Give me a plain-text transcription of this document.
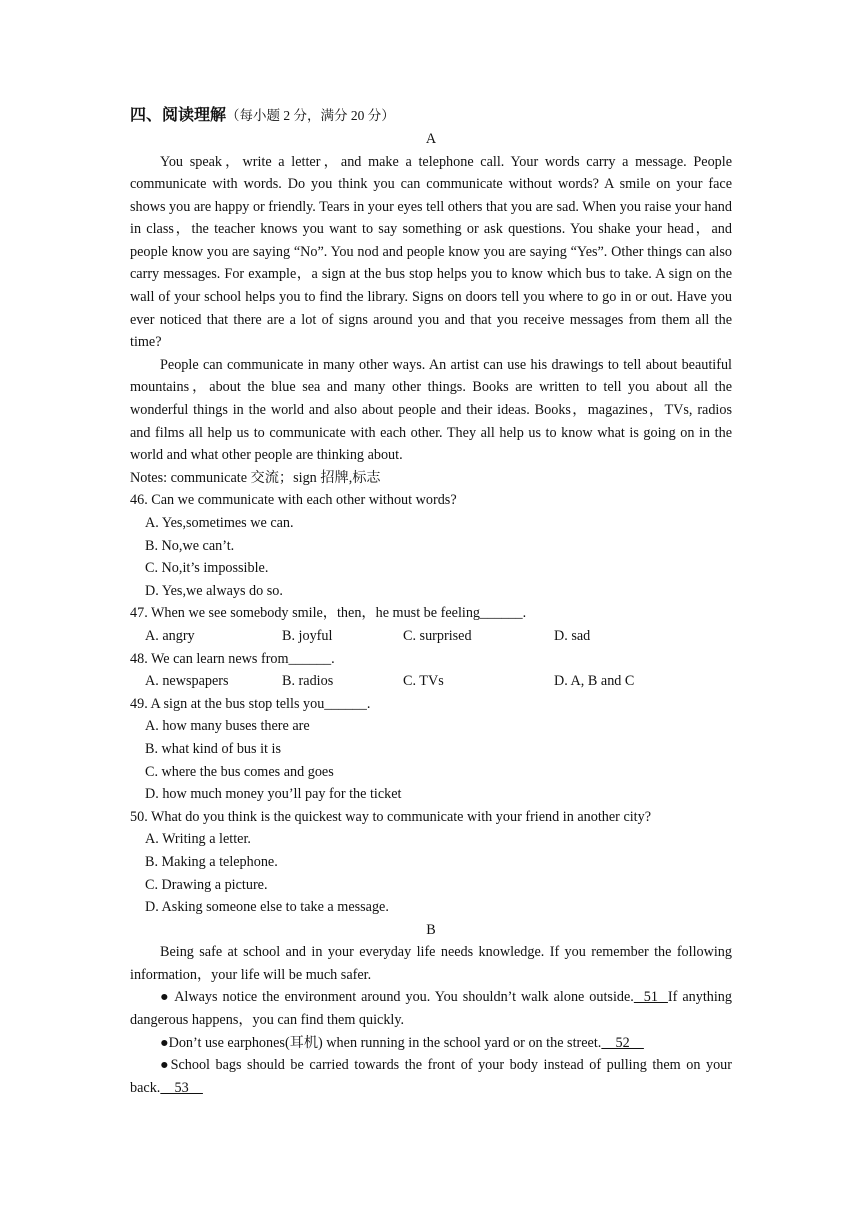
四、阅读理解（每小题 2 分，满分 20 分）
A

You speak，write a letter，and make a telephone call. Your words carry a message. People communicate with words. Do you think you can communicate without words? A smile on your face shows you are happy or friendly. Tears in your eyes tell others that you are sad. When you raise your hand in class，the teacher knows you want to say something or ask questions. You shake your head，and people know you are saying “No”. You nod and people know you are saying “Yes”. Other things can also carry messages. For example，a sign at the bus stop helps you to know which bus to take. A sign on the wall of your school helps you to find the library. Signs on doors tell you where to go in or out. Have you ever noticed that there are a lot of signs around you and that you receive messages from them all the time?

People can communicate in many other ways. An artist can use his drawings to tell about beautiful mountains，about the blue sea and many other things. Books are written to tell you about all the wonderful things in the world and also about people and their ideas. Books，magazines，TVs, radios and films all help us to communicate with each other. They all help us to know what is going on in the world and what other people are thinking about.

Notes: communicate 交流；sign 招牌,标志
46. Can we communicate with each other without words?
A. Yes,sometimes we can.
B. No,we can’t.
C. No,it’s impossible.
D. Yes,we always do so.
47. When we see somebody smile，then，he must be feeling______.
A. angry	B. joyful	C. surprised	D. sad
48. We can learn news from______.
A. newspapers	B. radios	C. TVs	D. A, B and C
49. A sign at the bus stop tells you______.
A. how many buses there are
B. what kind of bus it is
C. where the bus comes and goes
D. how much money you’ll pay for the ticket
50. What do you think is the quickest way to communicate with your friend in another city?
A. Writing a letter.
B. Making a telephone.
C. Drawing a picture.
D. Asking someone else to take a message.
B

Being safe at school and in your everyday life needs knowledge. If you remember the following information，your life will be much safer.

● Always notice the environment around you. You shouldn’t walk alone outside.  51  If anything dangerous happens，you can find them quickly.

●Don’t use earphones(耳机) when running in the school yard or on the street.    52

●School bags should be carried towards the front of your body instead of pulling them on your back.    53
